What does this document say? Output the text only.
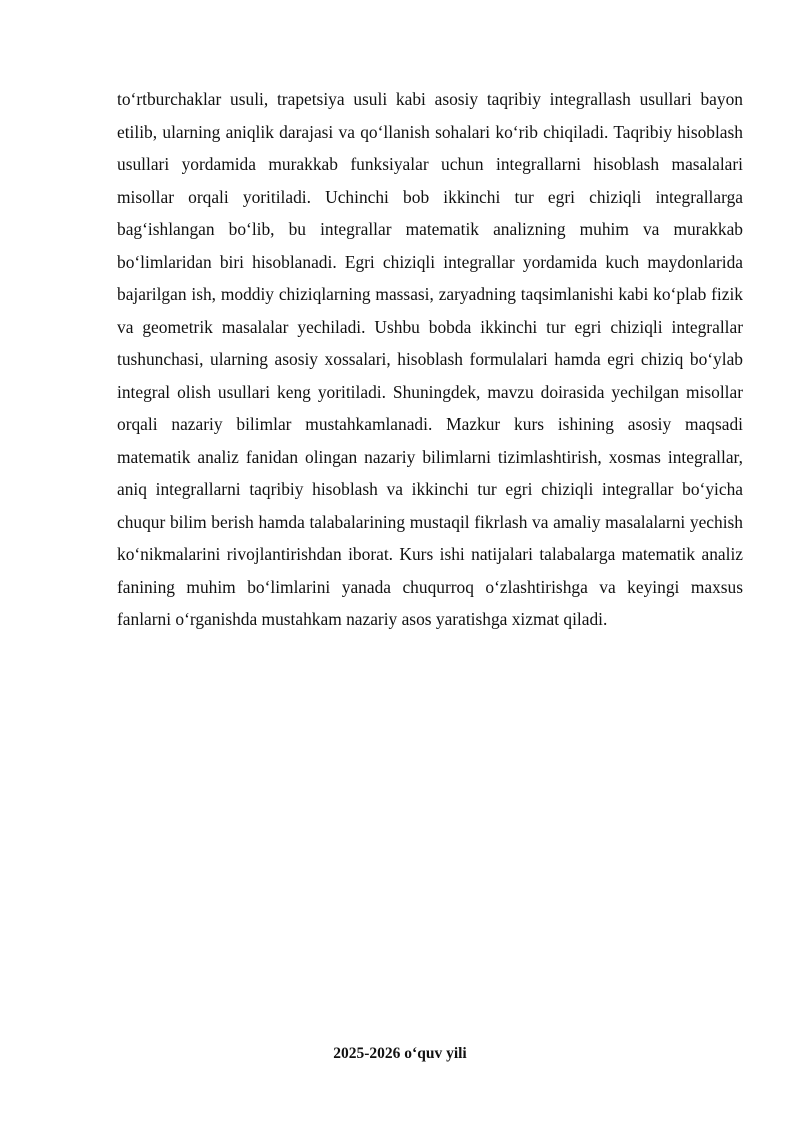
to‘rtburchaklar usuli, trapetsiya usuli kabi asosiy taqribiy integrallash usullari bayon etilib, ularning aniqlik darajasi va qo‘llanish sohalari ko‘rib chiqiladi. Taqribiy hisoblash usullari yordamida murakkab funksiyalar uchun integrallarni hisoblash masalalari misollar orqali yoritiladi. Uchinchi bob ikkinchi tur egri chiziqli integrallarga bag‘ishlangan bo‘lib, bu integrallar matematik analizning muhim va murakkab bo‘limlaridan biri hisoblanadi. Egri chiziqli integrallar yordamida kuch maydonlarida bajarilgan ish, moddiy chiziqlarning massasi, zaryadning taqsimlanishi kabi ko‘plab fizik va geometrik masalalar yechiladi. Ushbu bobda ikkinchi tur egri chiziqli integrallar tushunchasi, ularning asosiy xossalari, hisoblash formulalari hamda egri chiziq bo‘ylab integral olish usullari keng yoritiladi. Shuningdek, mavzu doirasida yechilgan misollar orqali nazariy bilimlar mustahkamlanadi. Mazkur kurs ishining asosiy maqsadi matematik analiz fanidan olingan nazariy bilimlarni tizimlashtirish, xosmas integrallar, aniq integrallarni taqribiy hisoblash va ikkinchi tur egri chiziqli integrallar bo‘yicha chuqur bilim berish hamda talabalarining mustaqil fikrlash va amaliy masalalarni yechish ko‘nikmalarini rivojlantirishdan iborat. Kurs ishi natijalari talabalarga matematik analiz fanining muhim bo‘limlarini yanada chuqurroq o‘zlashtirishga va keyingi maxsus fanlarni o‘rganishda mustahkam nazariy asos yaratishga xizmat qiladi.

2025-2026 o‘quv yili
